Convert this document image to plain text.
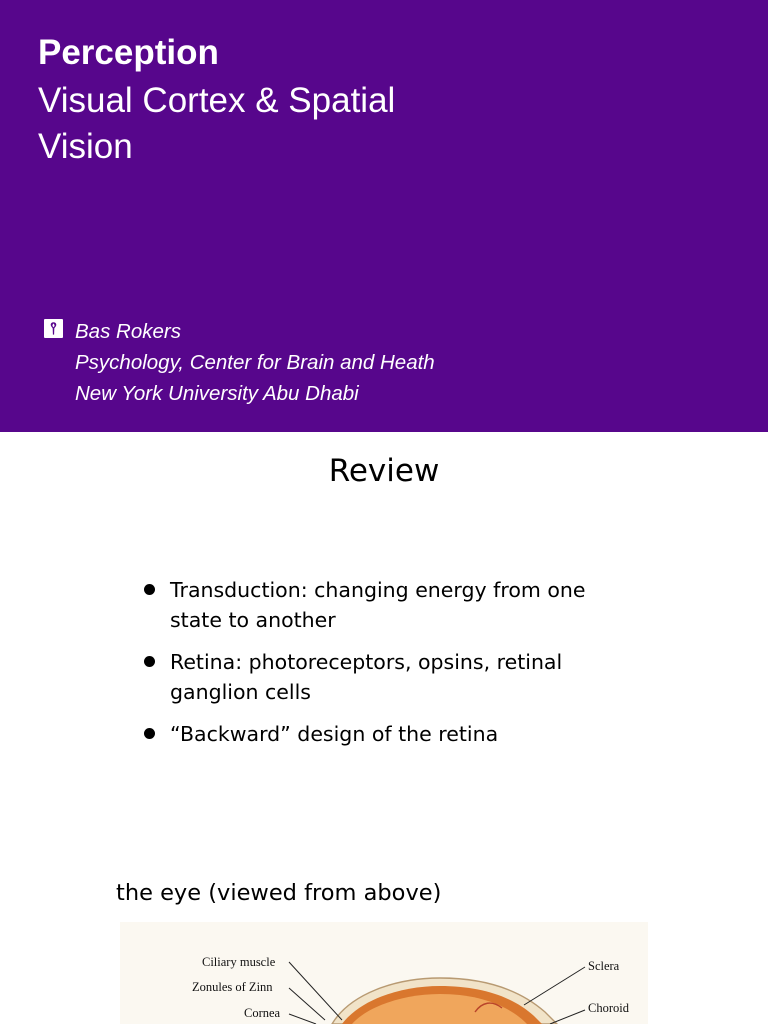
Perception
Visual Cortex & Spatial
Vision
Bas Rokers
Psychology, Center for Brain and Heath
New York University Abu Dhabi
Review
Transduction: changing energy from one state to another
Retina: photoreceptors, opsins, retinal ganglion cells
“Backward” design of the retina
the eye (viewed from above)
Ciliary muscle
Zonules of Zinn
Cornea
Sclera
Choroid
